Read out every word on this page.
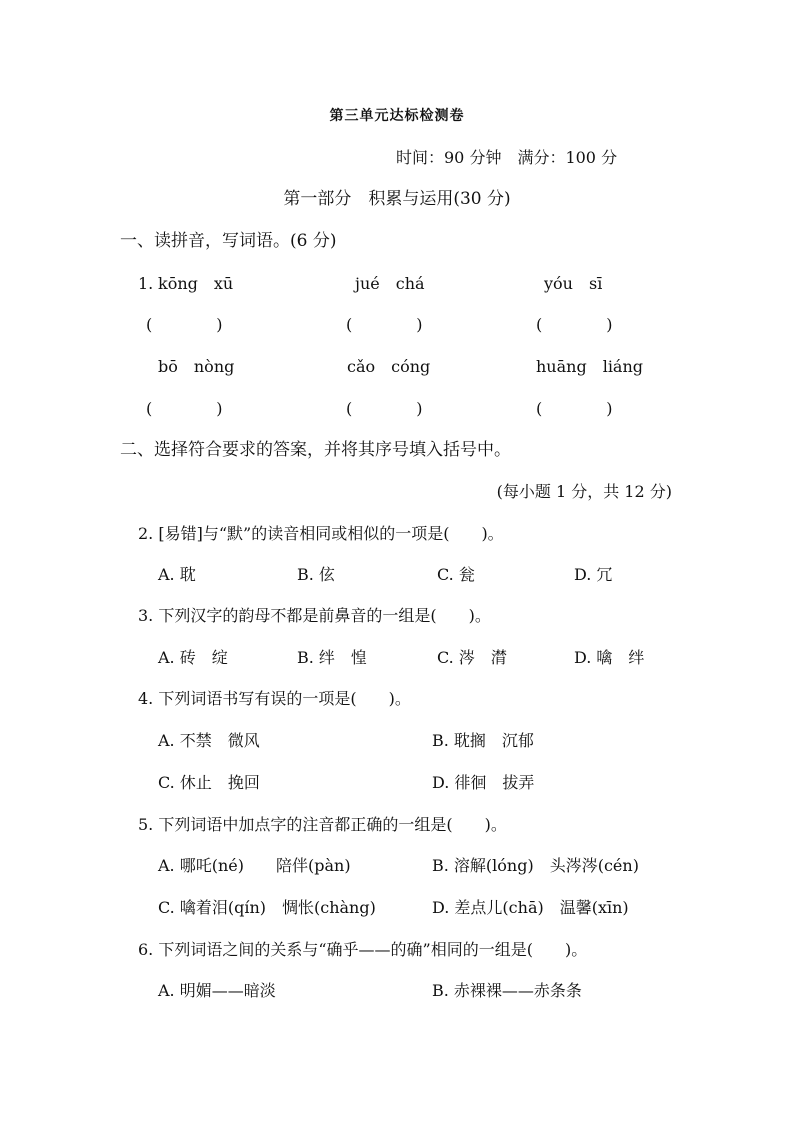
第三单元达标检测卷
时间：90 分钟　满分：100 分
第一部分　积累与运用(30 分)
一、读拼音，写词语。(6 分)
1. kōng　xū	jué　chá	yóu　sī
(　　　　)	(　　　　)	(　　　　)
bō　nòng	cǎo　cóng	huāng　liáng
(　　　　)	(　　　　)	(　　　　)
二、选择符合要求的答案，并将其序号填入括号中。
(每小题 1 分，共 12 分)
2. [易错]与“默”的读音相同或相似的一项是(　　)。
A. 耽	B. 伭	C. 瓮	D. 冗
3. 下列汉字的韵母不都是前鼻音的一组是(　　)。
A. 砖　绽	B. 绊　惶	C. 涔　潸	D. 噙　绊
4. 下列词语书写有误的一项是(　　)。
A. 不禁　微风	B. 耽搁　沉郁
C. 休止　挽回	D. 徘徊　拔弄
5. 下列词语中加点字的注音都正确的一组是(　　)。
A. 哪吒(né)　　陪伴(pàn)	B. 溶解(lóng)　头涔涔(cén)
C. 噙着泪(qín)　惆怅(chàng)	D. 差点儿(chā)　温馨(xīn)
6. 下列词语之间的关系与“确乎——的确”相同的一组是(　　)。
A. 明媚——暗淡	B. 赤裸裸——赤条条
